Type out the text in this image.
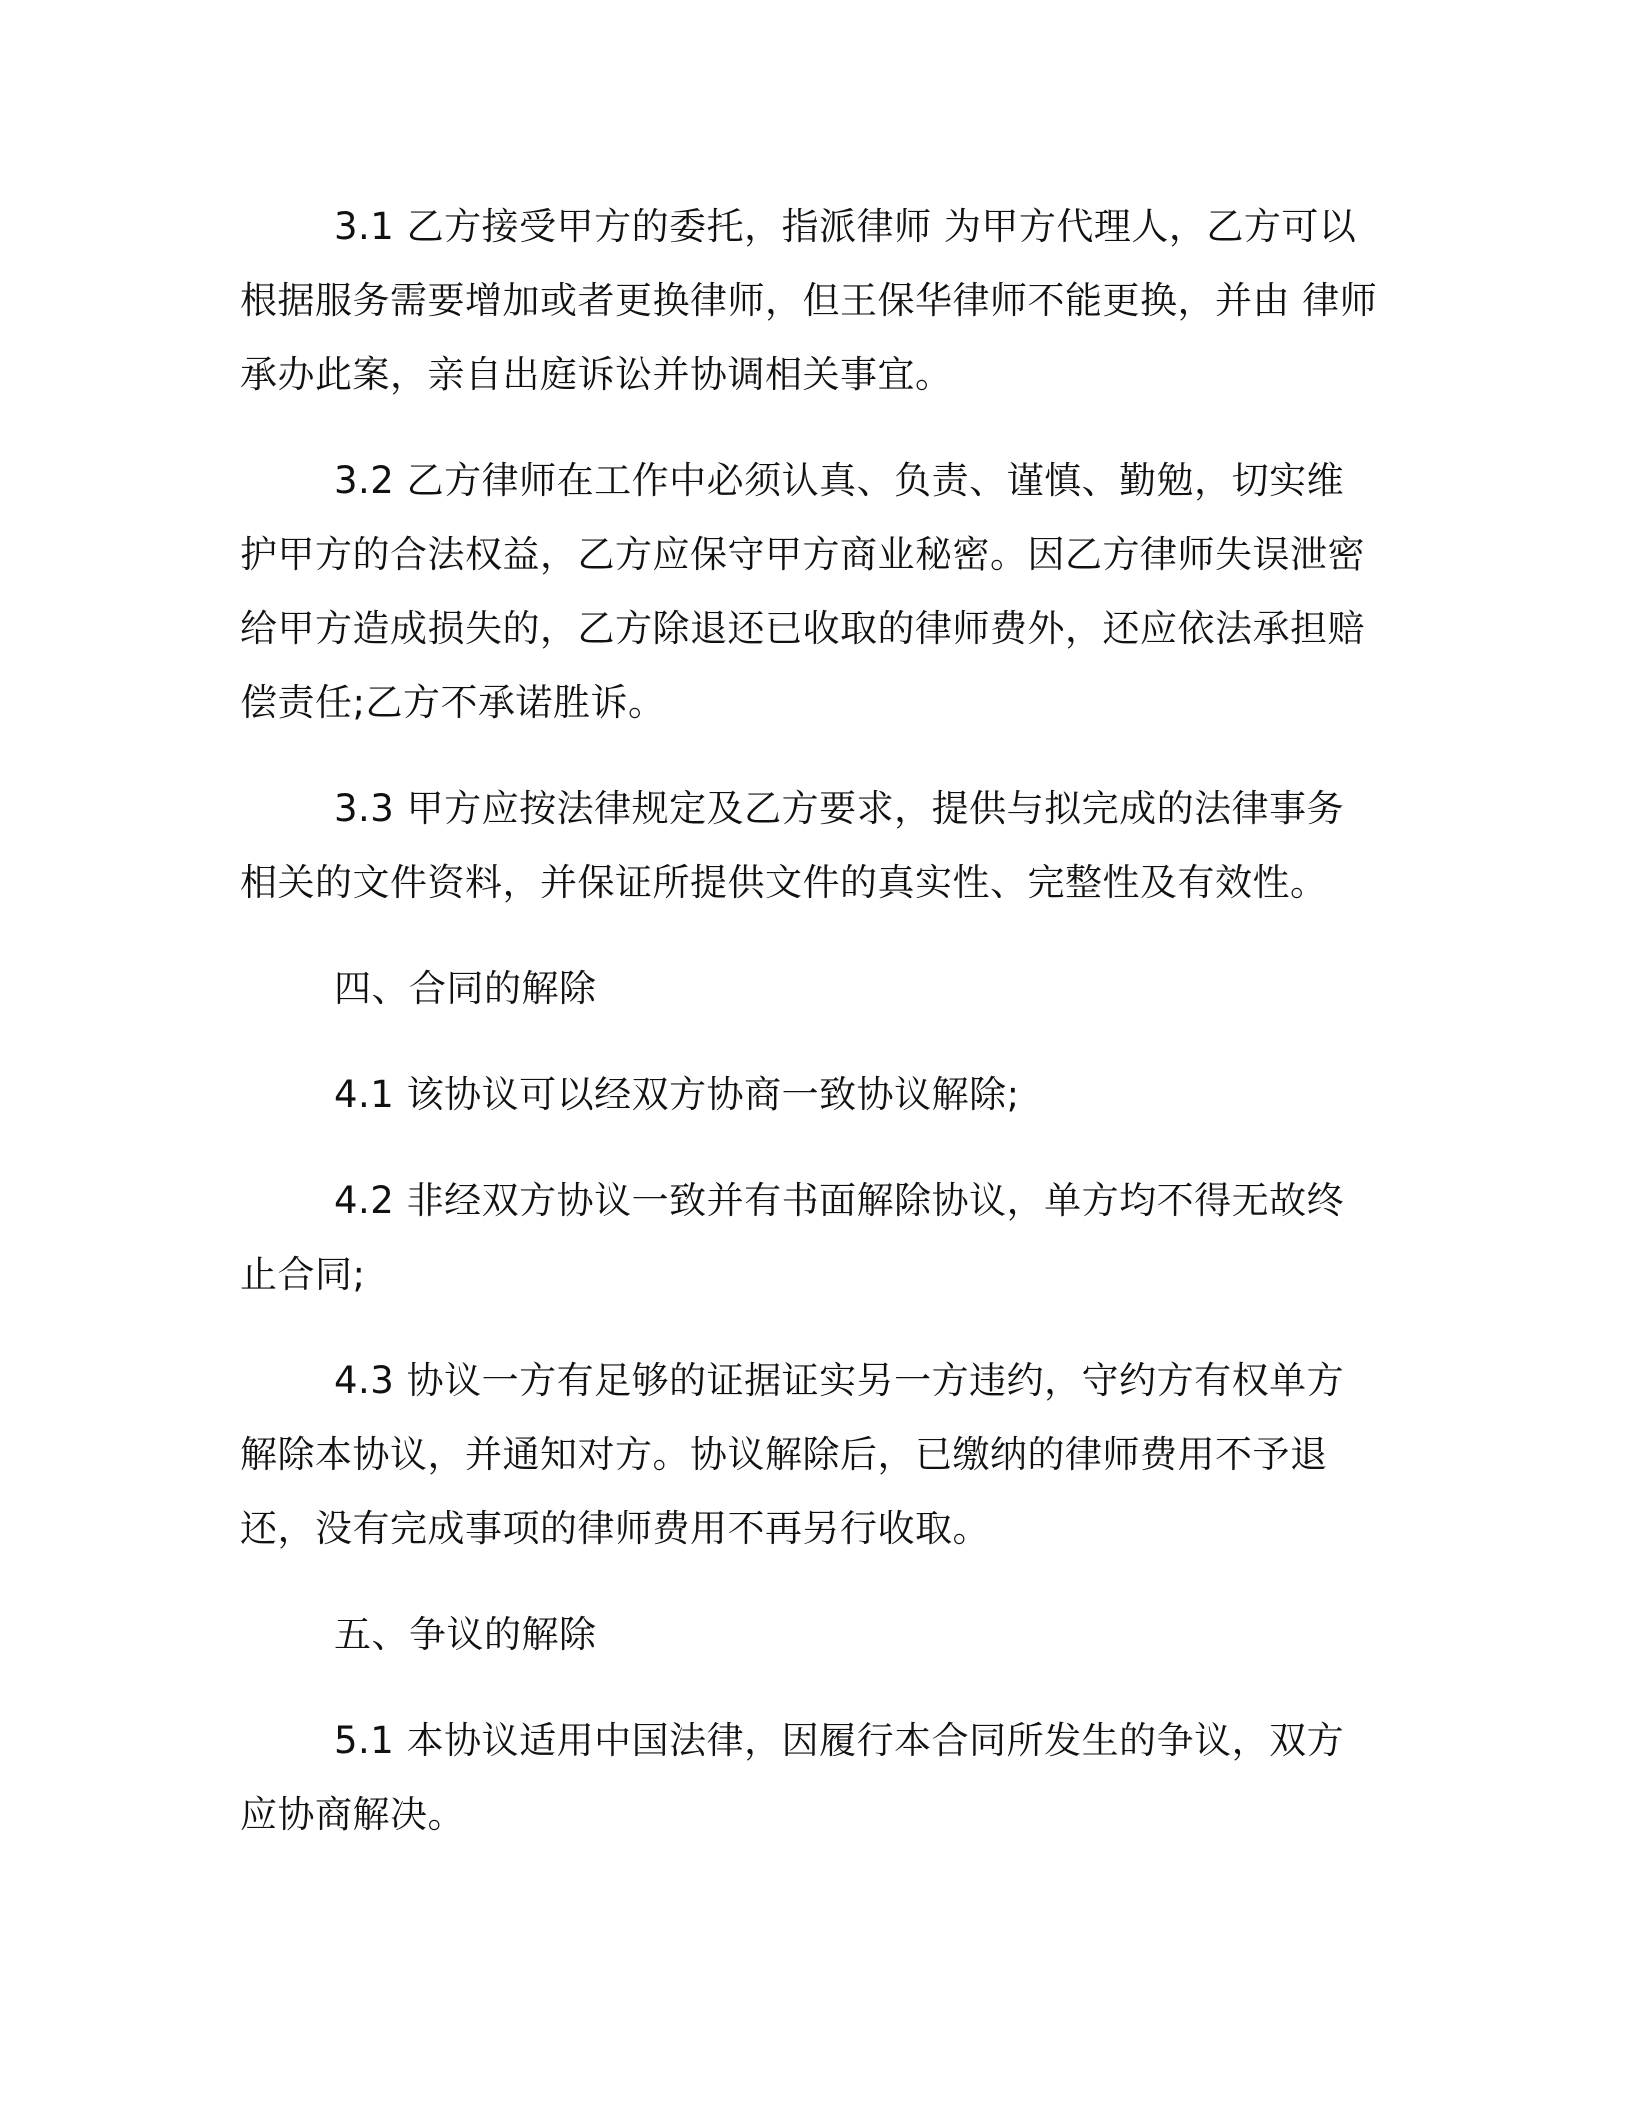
3.1 乙方接受甲方的委托，指派律师 为甲方代理人，乙方可以根据服务需要增加或者更换律师，但王保华律师不能更换，并由 律师承办此案，亲自出庭诉讼并协调相关事宜。

3.2 乙方律师在工作中必须认真、负责、谨慎、勤勉，切实维护甲方的合法权益，乙方应保守甲方商业秘密。因乙方律师失误泄密给甲方造成损失的，乙方除退还已收取的律师费外，还应依法承担赔偿责任;乙方不承诺胜诉。

3.3 甲方应按法律规定及乙方要求，提供与拟完成的法律事务相关的文件资料，并保证所提供文件的真实性、完整性及有效性。

四、合同的解除

4.1 该协议可以经双方协商一致协议解除;

4.2 非经双方协议一致并有书面解除协议，单方均不得无故终止合同;

4.3 协议一方有足够的证据证实另一方违约，守约方有权单方解除本协议，并通知对方。协议解除后，已缴纳的律师费用不予退还，没有完成事项的律师费用不再另行收取。

五、争议的解除

5.1 本协议适用中国法律，因履行本合同所发生的争议，双方应协商解决。
